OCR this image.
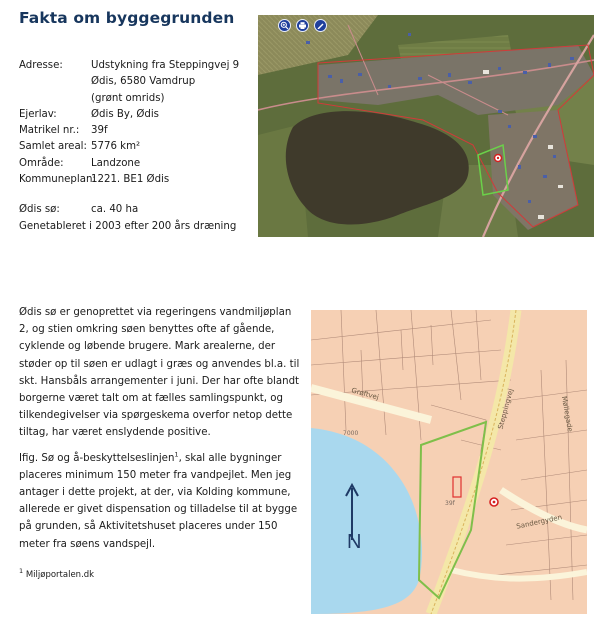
Fakta om byggegrunden
Adresse:	Udstykning fra Steppingvej 9
Ødis, 6580 Vamdrup
(grønt omrids)
Ejerlav:	Ødis By, Ødis
Matrikel nr.:	39f
Samlet areal: 5776 km²
Område:	Landzone
Kommuneplan:
1221. BE1 Ødis
Ødis sø:	ca. 40 ha
Genetableret i 2003 efter 200 års dræning

Ødis sø er genoprettet via regeringens vandmiljøplan 2, og stien omkring søen benyttes ofte af gående, cyklende og løbende brugere. Mark arealerne, der støder op til søen er udlagt i græs og anvendes bl.a. til skt. Hansbåls arrangementer i juni. Der har ofte blandt borgerne været talt om at fælles samlingspunkt, og tilkendegivelser via spørgeskema overfor netop dette tiltag, har været enslydende positive.

Ifig. Sø og å-beskyttelseslinjen$^1$, skal alle bygninger placeres minimum 150 meter fra vandpejlet. Men jeg antager i dette projekt, at der, via Kolding kommune, allerede er givet dispensation og tilladelse til at bygge på grunden, så Aktivitetshuset placeres under 150 meter fra søens vandspejl.

$^1$ Miljøportalen.dk
N
Steppingvej
Sandergyden
Grøftvej
Møllegade
39f
7000
